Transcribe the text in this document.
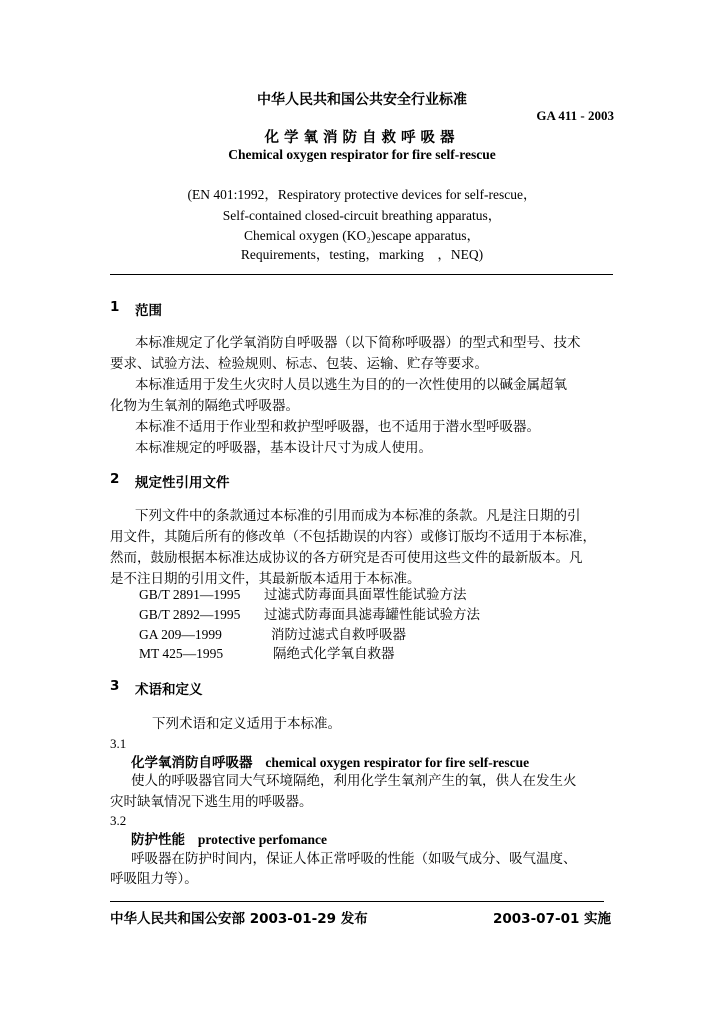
中华人民共和国公共安全行业标准
GA 411 - 2003
化学氧消防自救呼吸器
Chemical oxygen respirator for fire self-rescue
(EN 401:1992，Respiratory protective devices for self-rescue，
Self-contained closed-circuit breathing apparatus，
Chemical oxygen (KO₂)escape apparatus，
Requirements，testing，marking　，NEQ)
1 范围
本标准规定了化学氧消防自呼吸器（以下简称呼吸器）的型式和型号、技术
要求、试验方法、检验规则、标志、包装、运输、贮存等要求。
本标准适用于发生火灾时人员以逃生为目的的一次性使用的以碱金属超氧
化物为生氧剂的隔绝式呼吸器。
本标准不适用于作业型和救护型呼吸器，也不适用于潜水型呼吸器。
本标准规定的呼吸器，基本设计尺寸为成人使用。
2 规定性引用文件
下列文件中的条款通过本标准的引用而成为本标准的条款。凡是注日期的引
用文件，其随后所有的修改单（不包括勘误的内容）或修订版均不适用于本标准，
然而，鼓励根据本标准达成协议的各方研究是否可使用这些文件的最新版本。凡
是不注日期的引用文件，其最新版本适用于本标准。
GB/T 2891—1995 过滤式防毒面具面罩性能试验方法
GB/T 2892—1995 过滤式防毒面具滤毒罐性能试验方法
GA 209—1999	消防过滤式自救呼吸器
MT 425—1995	隔绝式化学氧自救器
3 术语和定义
下列术语和定义适用于本标准。
3.1
化学氧消防自呼吸器 chemical oxygen respirator for fire self-rescue
使人的呼吸器官同大气环境隔绝，利用化学生氧剂产生的氧，供人在发生火
灾时缺氧情况下逃生用的呼吸器。
3.2
防护性能 protective perfomance
呼吸器在防护时间内，保证人体正常呼吸的性能（如吸气成分、吸气温度、
呼吸阻力等）。
中华人民共和国公安部 2003-01-29 发布	2003-07-01 实施
